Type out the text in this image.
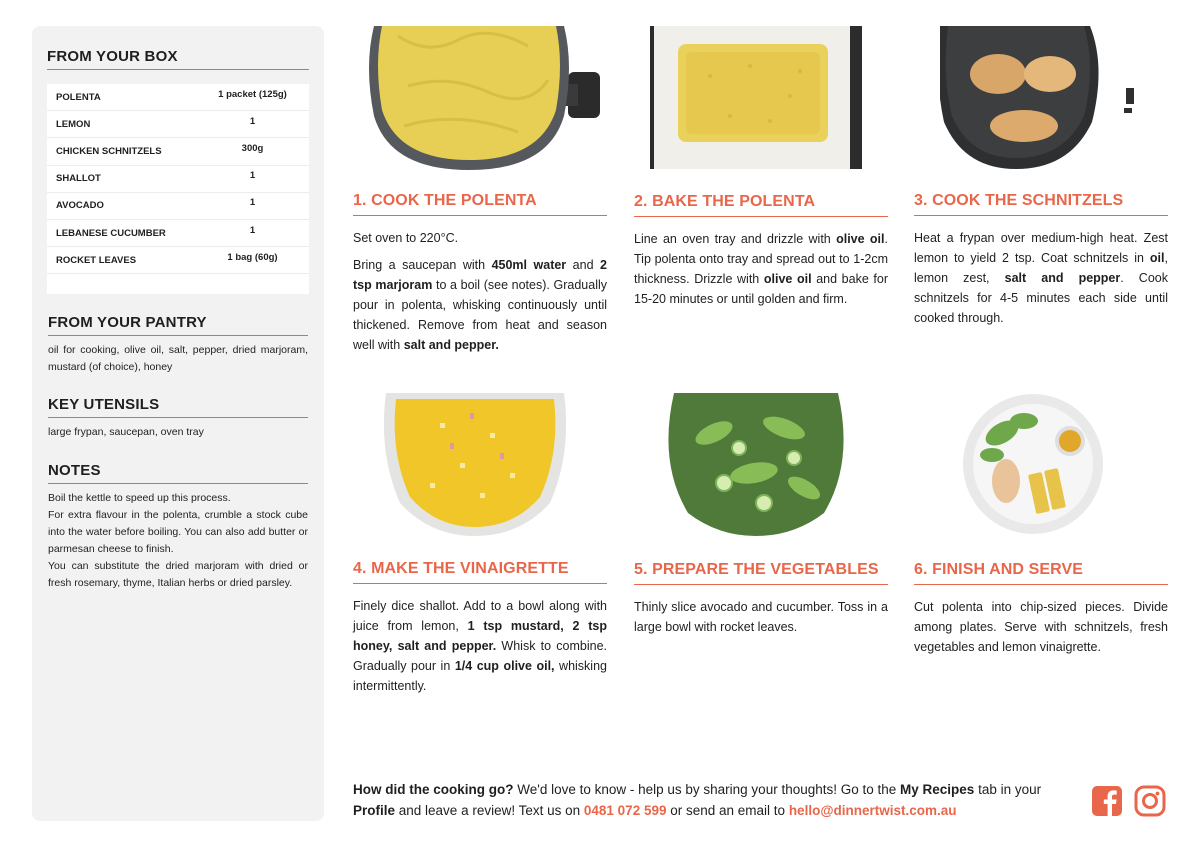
FROM YOUR BOX
POLENTA	1 packet (125g)
LEMON	1
CHICKEN SCHNITZELS	300g
SHALLOT	1
AVOCADO	1
LEBANESE CUCUMBER	1
ROCKET LEAVES	1 bag (60g)
FROM YOUR PANTRY
oil for cooking, olive oil, salt, pepper, dried marjoram, mustard (of choice), honey
KEY UTENSILS
large frypan, saucepan, oven tray
NOTES

Boil the kettle to speed up this process.

For extra flavour in the polenta, crumble a stock cube into the water before boiling. You can also add butter or parmesan cheese to finish.

You can substitute the dried marjoram with dried or fresh rosemary, thyme, Italian herbs or dried parsley.

1. COOK THE POLENTA

Set oven to 220°C.

Bring a saucepan with 450ml water and 2 tsp marjoram to a boil (see notes). Gradually pour in polenta, whisking continuously until thickened. Remove from heat and season well with salt and pepper.

2. BAKE THE POLENTA

Line an oven tray and drizzle with olive oil. Tip polenta onto tray and spread out to 1-2cm thickness. Drizzle with olive oil and bake for 15-20 minutes or until golden and firm.

3. COOK THE SCHNITZELS

Heat a frypan over medium-high heat. Zest lemon to yield 2 tsp. Coat schnitzels in oil, lemon zest, salt and pepper. Cook schnitzels for 4-5 minutes each side until cooked through.

4. MAKE THE VINAIGRETTE

Finely dice shallot. Add to a bowl along with juice from lemon, 1 tsp mustard, 2 tsp honey, salt and pepper. Whisk to combine. Gradually pour in 1/4 cup olive oil, whisking intermittently.

5. PREPARE THE VEGETABLES

Thinly slice avocado and cucumber. Toss in a large bowl with rocket leaves.

6. FINISH AND SERVE

Cut polenta into chip-sized pieces. Divide among plates. Serve with schnitzels, fresh vegetables and lemon vinaigrette.

How did the cooking go? We'd love to know - help us by sharing your thoughts! Go to the My Recipes tab in your Profile and leave a review! Text us on 0481 072 599 or send an email to hello@dinnertwist.com.au
